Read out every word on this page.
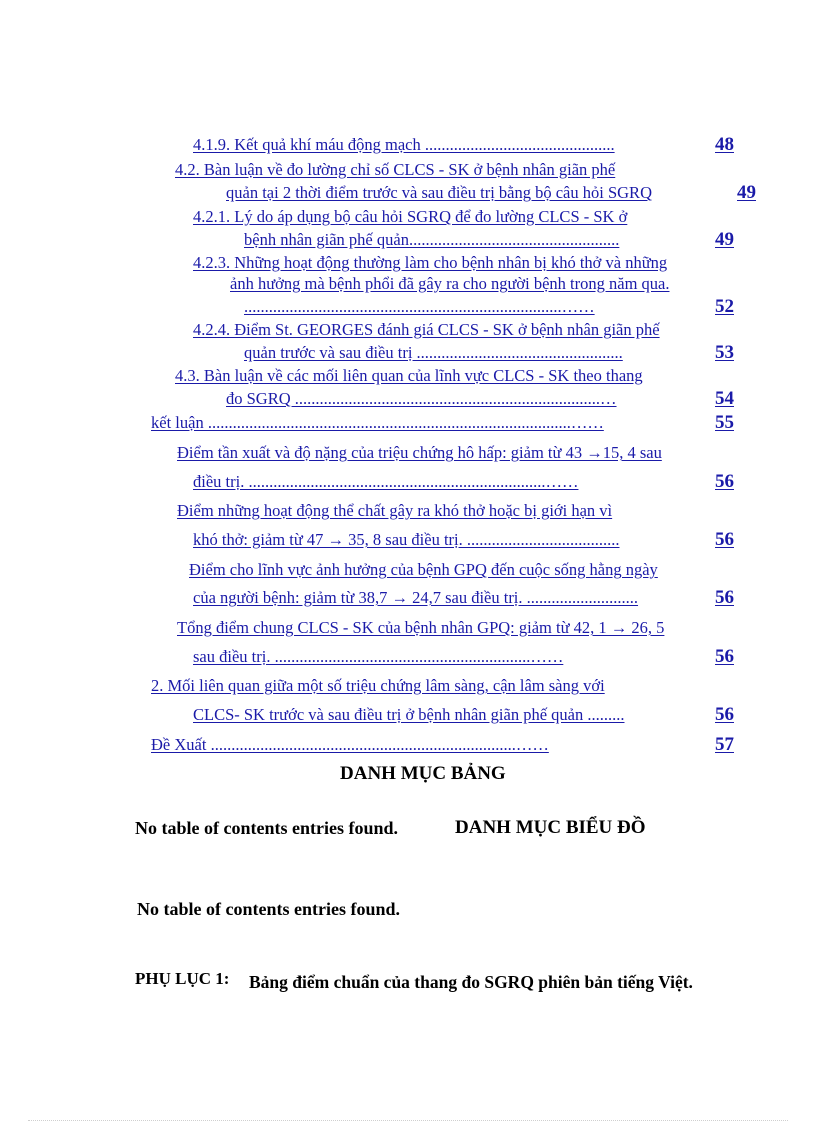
4.1.9. Kết quả khí máu động mạch ..............................................	48
4.2. Bàn luận về đo lường chỉ số CLCS - SK ở bệnh nhân giãn phế
quản tại 2 thời điểm trước và sau điều trị bằng bộ câu hỏi SGRQ	49
4.2.1. Lý do áp dụng bộ câu hỏi SGRQ để đo lường CLCS - SK ở
bệnh nhân giãn phế quản...................................................	49
4.2.3. Những hoạt động thường làm cho bệnh nhân bị khó thở và những
ảnh hưởng mà bệnh phổi đã gây ra cho người bệnh trong năm qua.
.............................................................................……	52
4.2.4. Điểm St. GEORGES đánh giá CLCS - SK ở bệnh nhân giãn phế
quản trước và sau điều trị ..................................................	53
4.3. Bàn luận về các mối liên quan của lĩnh vực CLCS - SK theo thang
đo SGRQ ..........................................................................…	54
kết luận ........................................................................................……	55
Điểm tần xuất và độ nặng của triệu chứng hô hấp: giảm từ 43 →15, 4 sau
điều trị. ........................................................................……	56
Điểm những hoạt động thể chất gây ra khó thở hoặc bị giới hạn vì
khó thở: giảm từ 47 → 35, 8 sau điều trị. .....................................	56
Điểm cho lĩnh vực ảnh hưởng của bệnh GPQ đến cuộc sống hằng ngày
của người bệnh: giảm từ 38,7 → 24,7 sau điều trị. ...........................	56
Tổng điểm chung CLCS - SK của bệnh nhân GPQ: giảm từ 42, 1 → 26, 5
sau điều trị. ..............................................................……	56
2. Mối liên quan giữa một số triệu chứng lâm sàng, cận lâm sàng với
CLCS- SK trước và sau điều trị ở bệnh nhân giãn phế quản .........	56
Đề Xuất ..........................................................................……	57
DANH MỤC BẢNG
No table of contents entries found.	DANH MỤC BIỂU ĐỒ
No table of contents entries found.
PHỤ LỤC 1: Bảng điểm chuẩn của thang đo SGRQ phiên bản tiếng Việt.
